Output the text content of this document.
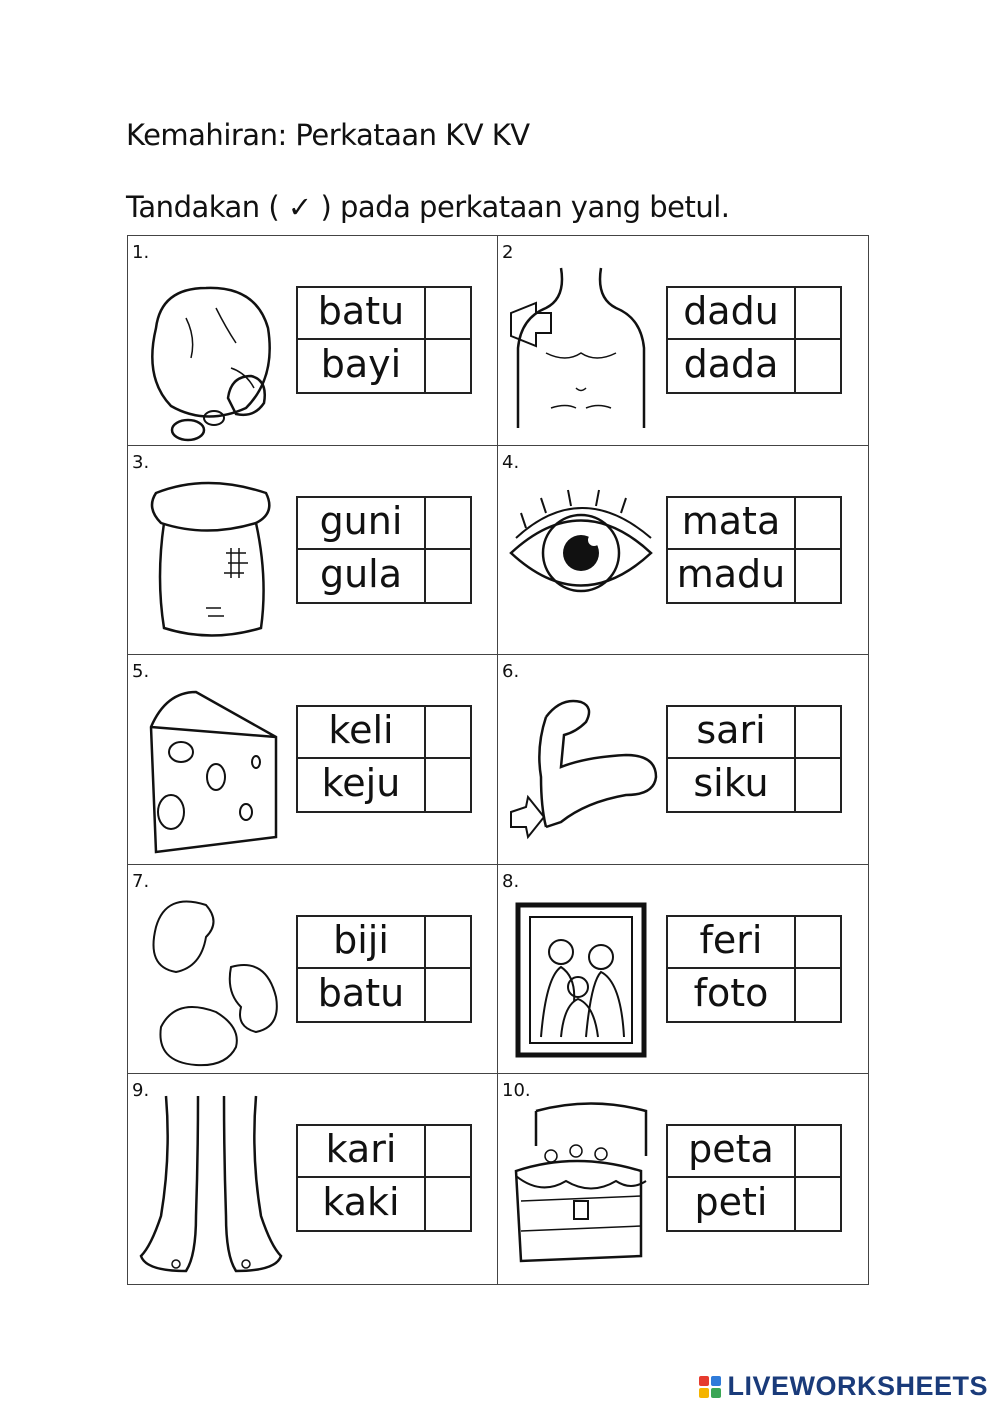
Kemahiran: Perkataan KV KV
Tandakan ( ✓ ) pada perkataan yang betul.
1.
batu
bayi
2
dadu
dada
3.
guni
gula
4.
mata
madu
5.
keli
keju
6.
sari
siku
7.
biji
batu
8.
feri
foto
9.
kari
kaki
10.
peta
peti
LIVEWORKSHEETS
